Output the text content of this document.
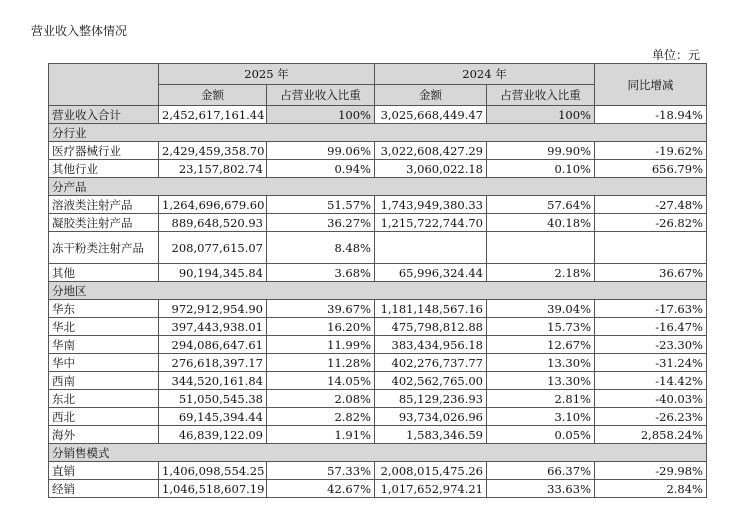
营业收入整体情况
单位：元
	2025 年		2024 年		同比增减
	金额	占营业收入比重	金额	占营业收入比重	
营业收入合计	2,452,617,161.44	100%	3,025,668,449.47	100%	-18.94%
分行业					
医疗器械行业	2,429,459,358.70	99.06%	3,022,608,427.29	99.90%	-19.62%
其他行业	23,157,802.74	0.94%	3,060,022.18	0.10%	656.79%
分产品					
溶液类注射产品	1,264,696,679.60	51.57%	1,743,949,380.33	57.64%	-27.48%
凝胶类注射产品	889,648,520.93	36.27%	1,215,722,744.70	40.18%	-26.82%
冻干粉类注射产品	208,077,615.07	8.48%			
其他	90,194,345.84	3.68%	65,996,324.44	2.18%	36.67%
分地区					
华东	972,912,954.90	39.67%	1,181,148,567.16	39.04%	-17.63%
华北	397,443,938.01	16.20%	475,798,812.88	15.73%	-16.47%
华南	294,086,647.61	11.99%	383,434,956.18	12.67%	-23.30%
华中	276,618,397.17	11.28%	402,276,737.77	13.30%	-31.24%
西南	344,520,161.84	14.05%	402,562,765.00	13.30%	-14.42%
东北	51,050,545.38	2.08%	85,129,236.93	2.81%	-40.03%
西北	69,145,394.44	2.82%	93,734,026.96	3.10%	-26.23%
海外	46,839,122.09	1.91%	1,583,346.59	0.05%	2,858.24%
分销售模式					
直销	1,406,098,554.25	57.33%	2,008,015,475.26	66.37%	-29.98%
经销	1,046,518,607.19	42.67%	1,017,652,974.21	33.63%	2.84%
